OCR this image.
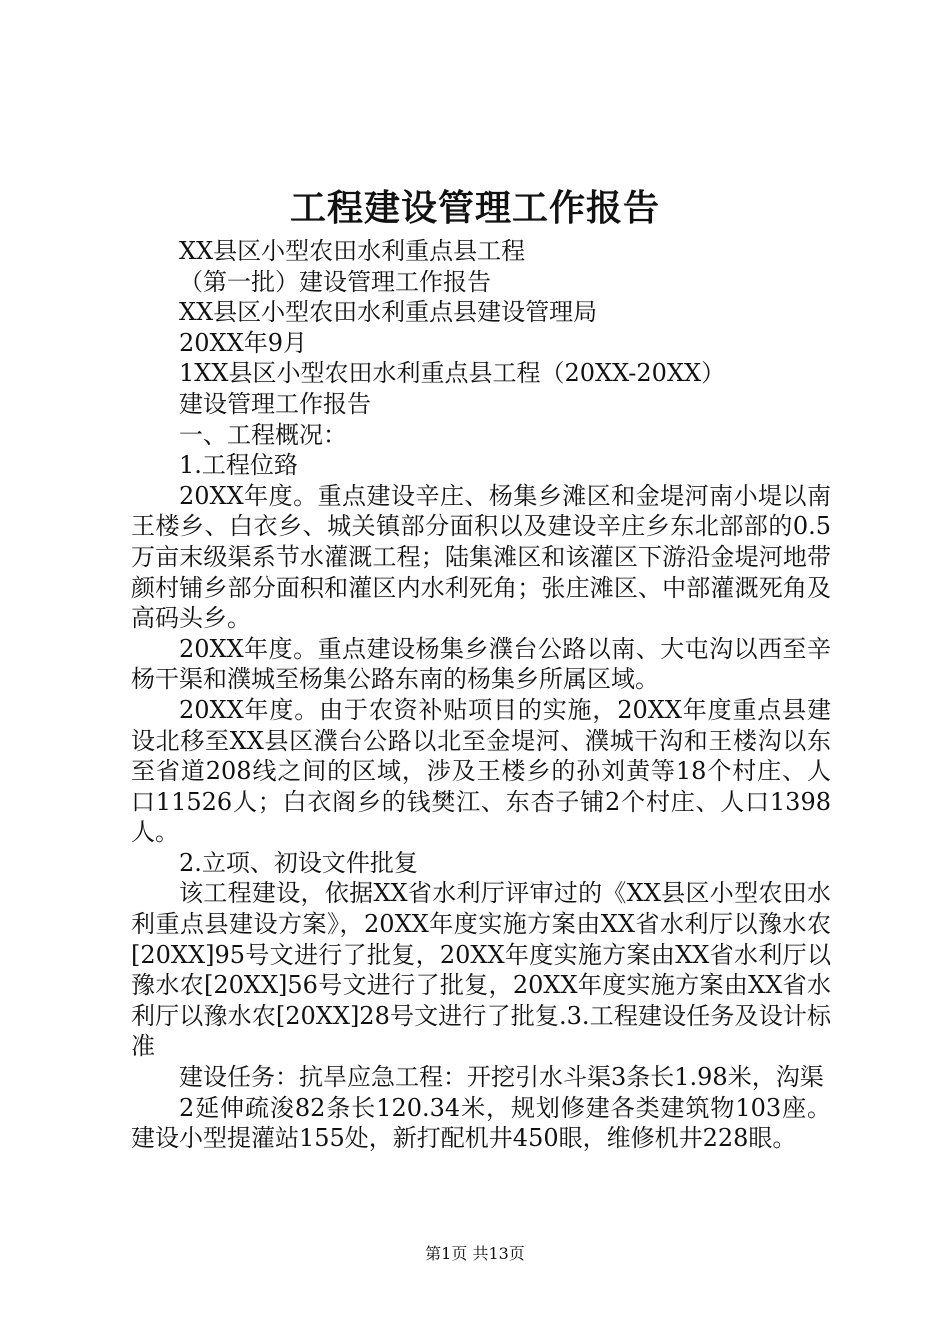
工程建设管理工作报告

XX县区小型农田水利重点县工程

（第一批）建设管理工作报告

XX县区小型农田水利重点县建设管理局

20XX年9月

1XX县区小型农田水利重点县工程（20XX-20XX）

建设管理工作报告

一、工程概况：

1.工程位臵

20XX年度。重点建设辛庄、杨集乡滩区和金堤河南小堤以南王楼乡、白衣乡、城关镇部分面积以及建设辛庄乡东北部部的0.5万亩末级渠系节水灌溉工程；陆集滩区和该灌区下游沿金堤河地带颜村铺乡部分面积和灌区内水利死角；张庄滩区、中部灌溉死角及高码头乡。

20XX年度。重点建设杨集乡濮台公路以南、大屯沟以西至辛杨干渠和濮城至杨集公路东南的杨集乡所属区域。

20XX年度。由于农资补贴项目的实施，20XX年度重点县建设北移至XX县区濮台公路以北至金堤河、濮城干沟和王楼沟以东至省道208线之间的区域，涉及王楼乡的孙刘黄等18个村庄、人口11526人；白衣阁乡的钱樊江、东杏子铺2个村庄、人口1398人。

2.立项、初设文件批复

该工程建设，依据XX省水利厅评审过的《XX县区小型农田水利重点县建设方案》，20XX年度实施方案由XX省水利厅以豫水农[20XX]95号文进行了批复，20XX年度实施方案由XX省水利厅以豫水农[20XX]56号文进行了批复，20XX年度实施方案由XX省水利厅以豫水农[20XX]28号文进行了批复.3.工程建设任务及设计标准

建设任务：抗旱应急工程：开挖引水斗渠3条长1.98米，沟渠

2延伸疏浚82条长120.34米，规划修建各类建筑物103座。建设小型提灌站155处，新打配机井450眼，维修机井228眼。

第1页 共13页
